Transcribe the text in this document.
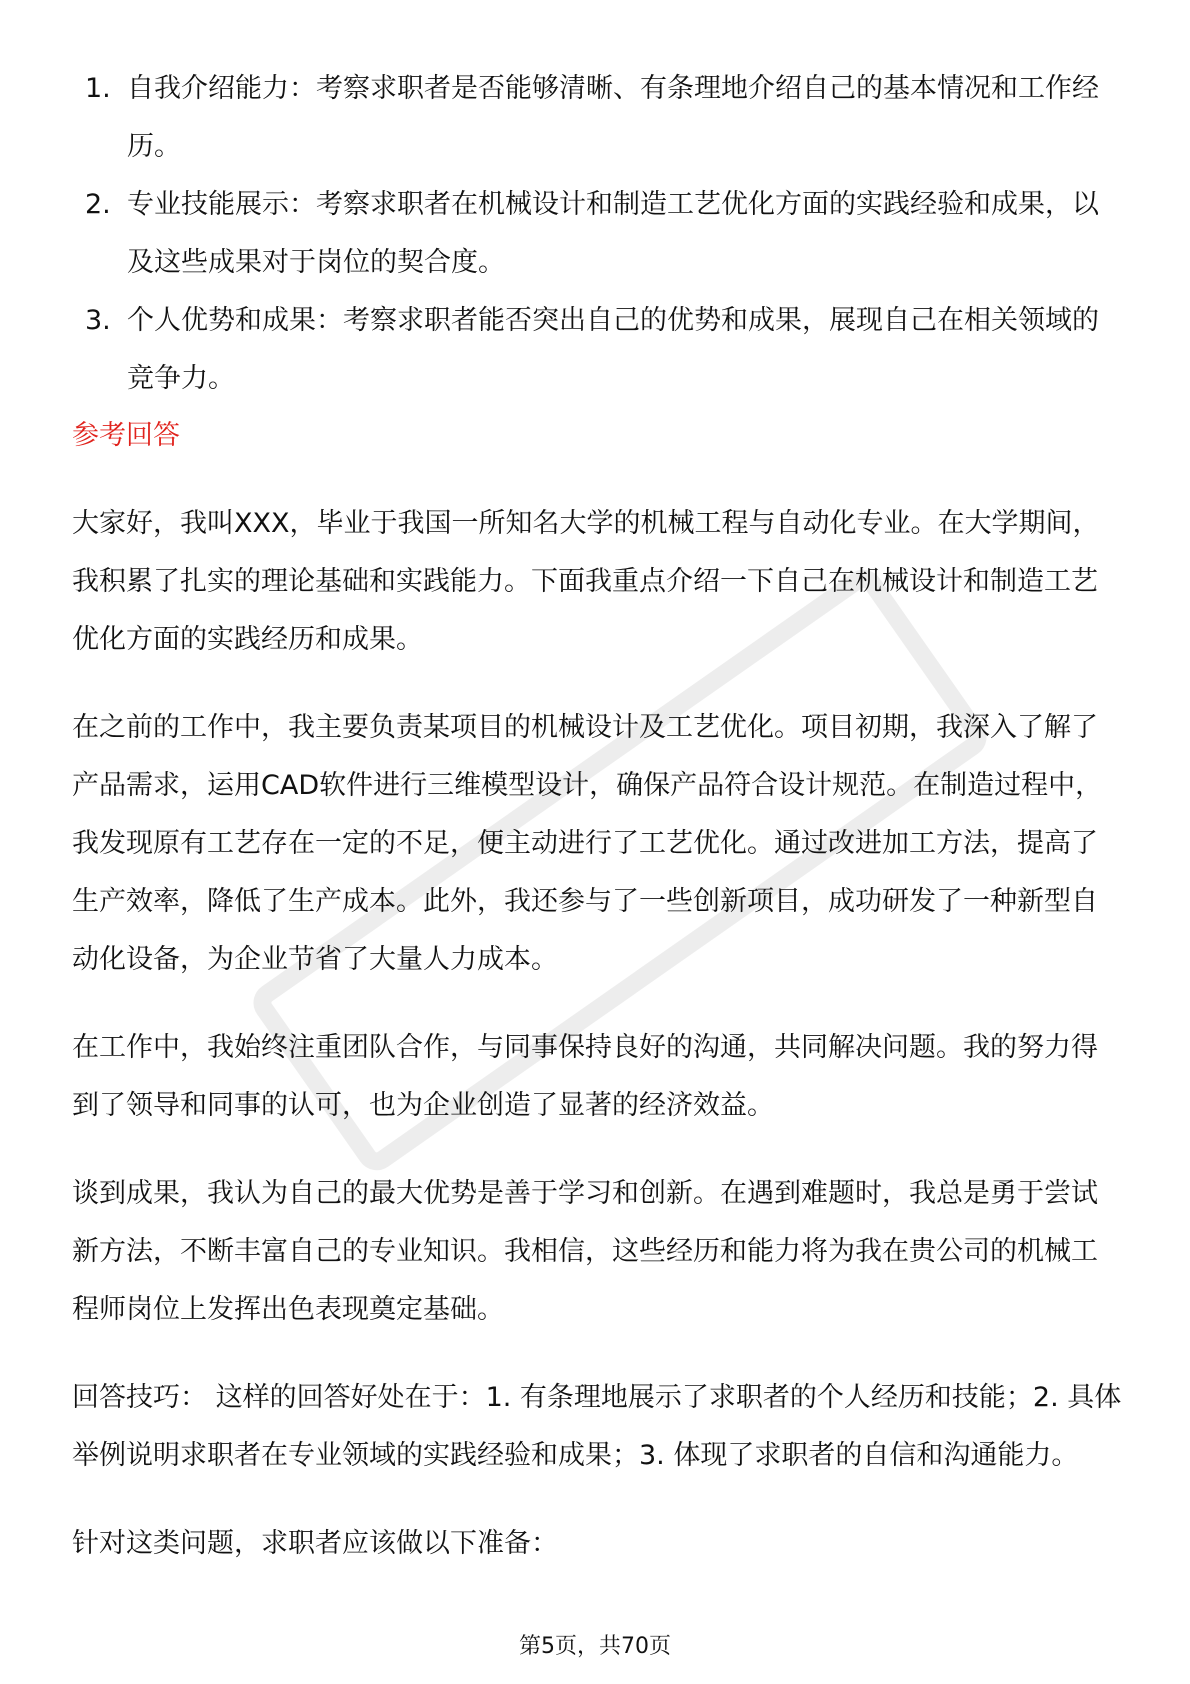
1. 自我介绍能力：考察求职者是否能够清晰、有条理地介绍自己的基本情况和工作经历。
2. 专业技能展示：考察求职者在机械设计和制造工艺优化方面的实践经验和成果，以及这些成果对于岗位的契合度。
3. 个人优势和成果：考察求职者能否突出自己的优势和成果，展现自己在相关领域的竞争力。
参考回答

大家好，我叫XXX，毕业于我国一所知名大学的机械工程与自动化专业。在大学期间，我积累了扎实的理论基础和实践能力。下面我重点介绍一下自己在机械设计和制造工艺优化方面的实践经历和成果。

在之前的工作中，我主要负责某项目的机械设计及工艺优化。项目初期，我深入了解了产品需求，运用CAD软件进行三维模型设计，确保产品符合设计规范。在制造过程中，我发现原有工艺存在一定的不足，便主动进行了工艺优化。通过改进加工方法，提高了生产效率，降低了生产成本。此外，我还参与了一些创新项目，成功研发了一种新型自动化设备，为企业节省了大量人力成本。

在工作中，我始终注重团队合作，与同事保持良好的沟通，共同解决问题。我的努力得到了领导和同事的认可，也为企业创造了显著的经济效益。

谈到成果，我认为自己的最大优势是善于学习和创新。在遇到难题时，我总是勇于尝试新方法，不断丰富自己的专业知识。我相信，这些经历和能力将为我在贵公司的机械工程师岗位上发挥出色表现奠定基础。

回答技巧： 这样的回答好处在于：1. 有条理地展示了求职者的个人经历和技能；2. 具体举例说明求职者在专业领域的实践经验和成果；3. 体现了求职者的自信和沟通能力。

针对这类问题，求职者应该做以下准备：

第5页，共70页
